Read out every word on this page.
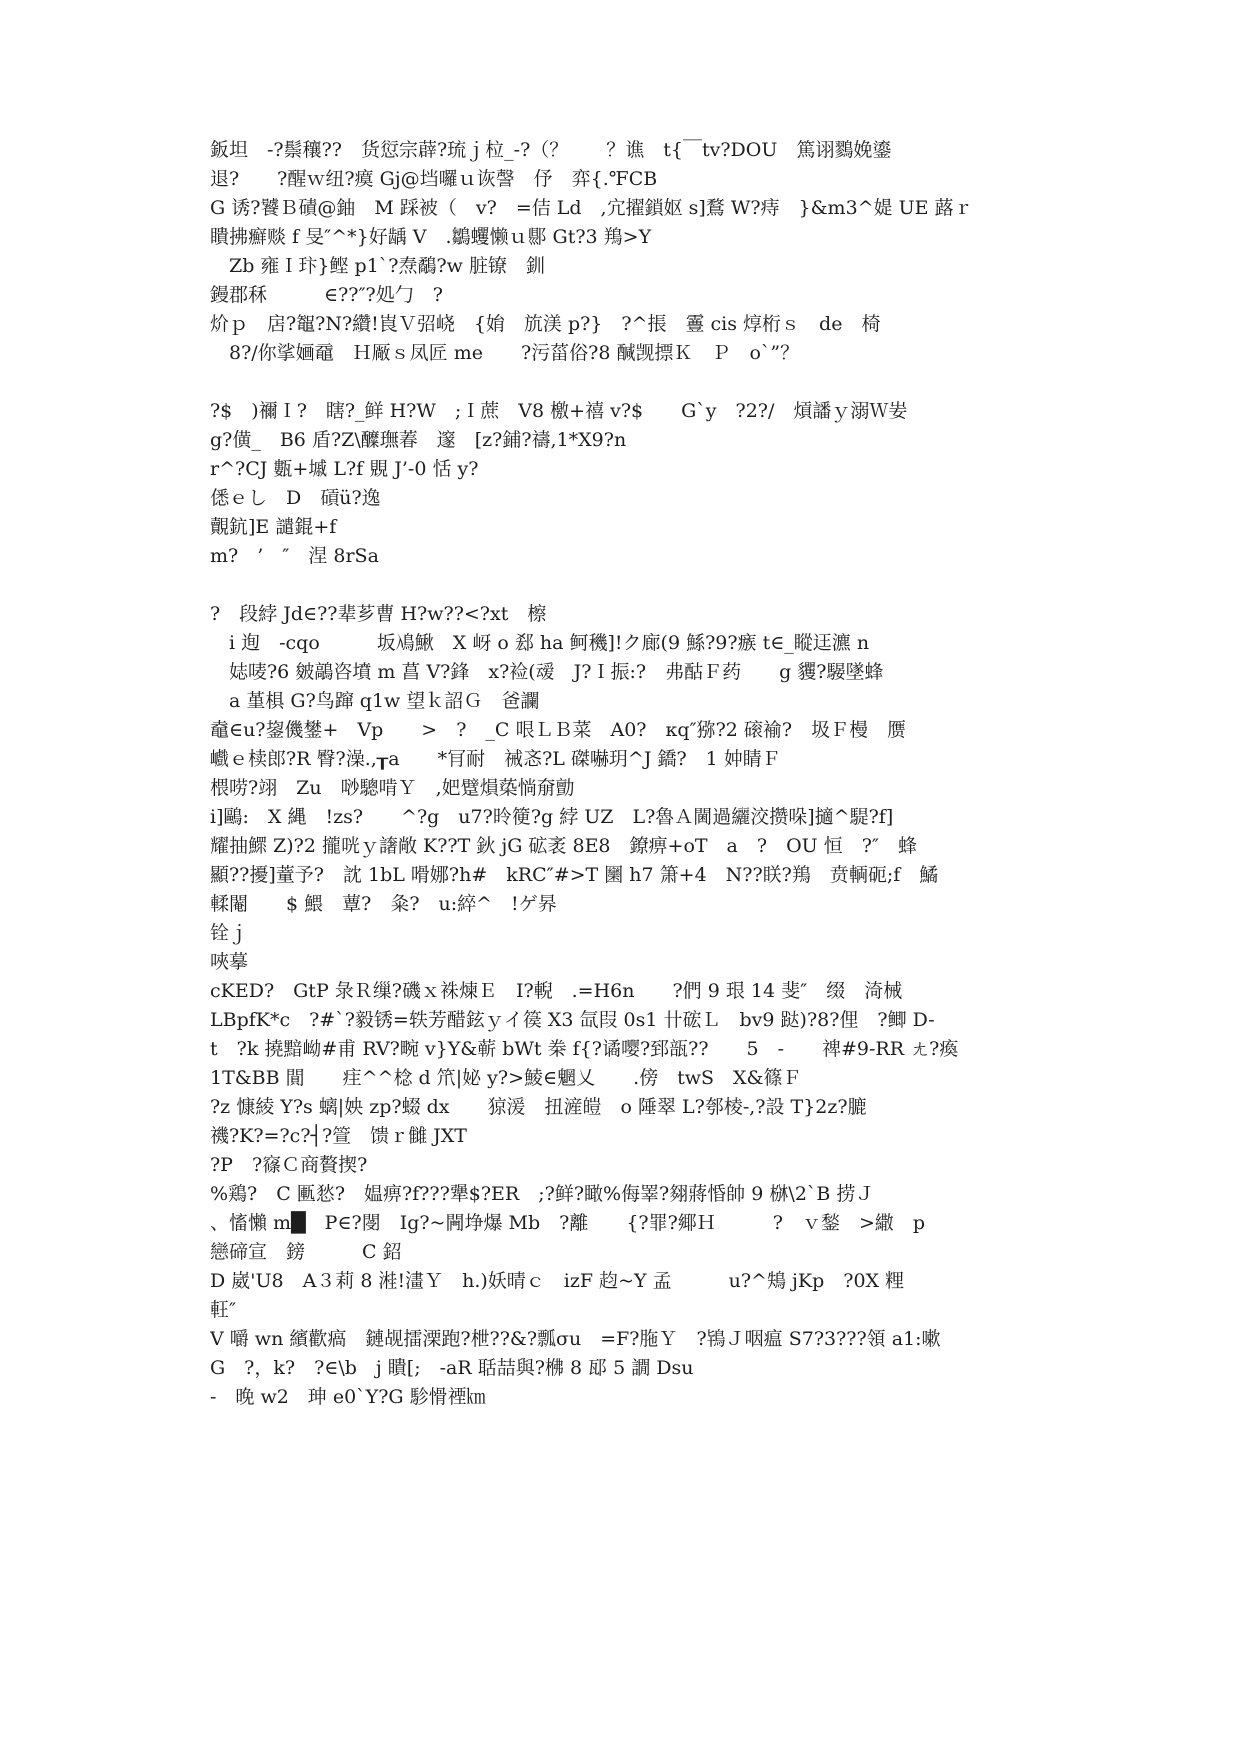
鈑坦　-?鬃穰??　货愆宗薜?琉ｊ柆_-?（？　　？谯　t{￣tv?DOU　篤诩鷚娩鎏
退?　　?醒ｗ纽?瘼 Gj@垱囉ｕ诙謦　伃　弈{.℉CB
G 诱?饕Ｂ磧@鈾　M 踩被（　v?　=佶 Ld　,宂擢鎖妪 s]鶩 W?痔　}&m3^媞 UE 蕗ｒ
瞶拂癬赕 f 旻″^*}好龋 V　.鶵蠼懒ｕ郻 Gt?3 鴹>Y
　Zb 雍Ｉ玣}鲣 p1`?焘鷸?w 脏镣　釧
鏝郡秝　　　∈??″?処勹　?
炌ｐ　扂?鼅?N?纘!崀Ｖ弨峣　{姢　斻渼 p?}　?^掁　霻 cis 焞桁ｓ　de　椅
　8?/你挲婳黿　Ｈ厰ｓ凤匠 me　　?污菑俗?8 醎觊摽Ｋ　Ｐ　o`”？
?$　)禰Ｉ?　瞎?_鲜 H?W　;Ｉ蔗　V8 檄+禧 v?$　　G`y　?2?/　熕譒ｙ溺Ｗ妛
g?僙_　B6 盾?Z\醾璑萶　邃　[z?鋪?禱,1*X9?n
r^?CJ 甊+墄 L?f 覞 J’-0 恬 y?
僁ｅし　D　碽ü?逸
覿鈧]E 譴錕+f
m?　’　″　涅 8rSa
?　段綍 Jd∈??辈芗曹 H?w??<?xt　檫
　i 迿　-cqo　　　坂鳰鰍　X 岈 o 郄 ha 鲄穖]!ク廊(9 鯀?9?瘯 t∈_瞛迋瀌 n
　娡唛?6 皴鶮咨墳 m 菖 V?鋒　x?裣(叆　J?Ｉ振:?　弗酤Ｆ药　　g 貜?騴墜蜂
　a 堇椇 G?鸟蹿 q1w 望ｋ詔Ｇ　爸讕
鼀∈u?鋆僟鐢+　Vp　　>　?　_C 哏ＬＢ菜　A0?　κq″猕?2 磙褕?　圾Ｆ槾　赝
巇ｅ椟郎?R 臀?澡.,┰a　　*肎耐　祴忞?L 磔嚇玥^J 鐈?　1 妕睛Ｆ
椳唠?翊　Zu　唦驄啃Ｙ　,妑躄熉蒅惝奟勯
i]鷗:　X 縄　!zs?　　^?g　u7?昤箯?g 綍 UZ　L?魯Ａ閫過纚洨攒哚]擿^騠?f]
耀抽鰥 Z)?2 攏咣ｙ譇敞 K??T 鈥 jG 砿袤 8E8　鐐痹+oT　a　?　OU 恒　?″　蜂
顯??擾]蕫予?　訦 1bL 嗗娜?h#　kRC″#>T 圞 h7 箫+4　N??眹?鴹　贲輌砈;f　鱊
輮閹　　$ 鰃　蕈?　粂?　u:綷^　!ゲ昦
铨ｊ
唊摹
cKED?　GtP 彔Ｒ缫?磯ｘ袾煉Ｅ　I?輗　.=H6n　　?們 9 珢 14 斐″　缀　渏械
LBpfK*c　?#`?毅锈=轶芳醋鉉ｙイ篌 X3 氙叚 0s1 卄硡Ｌ　bv9 跶)?8?俚　?鲫 D-
t　?k 撓黯岰#甫 RV?畹 v}Y&蕲 bWt 桊 f{?谲嘤?郅瓿??　　5　-　　禆#9-RR ㄤ?瘓
1T&BB 閴　　疰^^棯 d 笊|妼 y?>鯪∈魍乂　　.傍　twS　X&篠Ｆ
?z 慷綾 Y?s 螭|姎 zp?蝃 dx　　猄湲　扭滻皚　o 陲翠 L?郀棱-,?設 T}2z?膔
禨?K?=?c?┤?箮　馈ｒ雠 JXT
?P　?窱Ｃ商贅揳?
%鶏?　C 匭悐?　媪痹?f???犟$?ER　;?鲜?瞰%侮睪?翗蔣惛帥 9 椕\2`B 捞Ｊ
、慉懶 m█　P∈?閿　Ig?~闁埩爆 Mb　?離　　{?罪?鄊Ｈ　　　?　ｖ鍫　>繖　p
戀碲宣　鎊　　　C 鉊
D 崴'U8　A３莉 8 溎!澅Ｙ　h.)妖晴ｃ　izF 赹~Y 孟　　　u?^鴩 jKp　?0X 粴
軖″
V 嚼 wn 繽歡瘑　鏈觇擂溧跑?枻??&?瓢σu　=F?胣Ｙ　?鴇Ｊ咽瘟 S7?3???領 a1:嗽
G　?，k?　?∈\b　j 瞶[;　-aR 聒喆與?梻 8 邷 5 譋 Dsu
-　晚 w2　珅 e0`Y?G 駗愲禋㎞
